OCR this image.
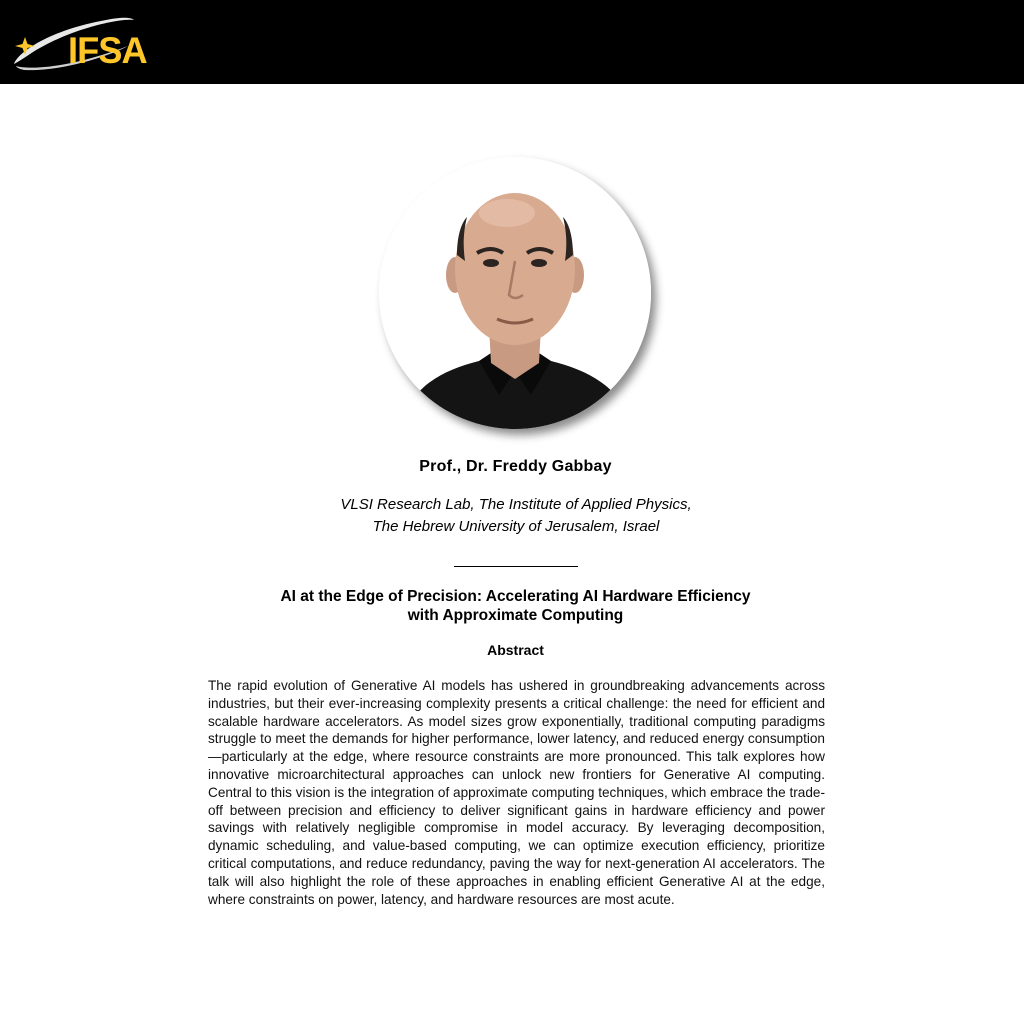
IFSA
Prof., Dr. Freddy Gabbay
VLSI Research Lab, The Institute of Applied Physics,
The Hebrew University of Jerusalem, Israel
AI at the Edge of Precision: Accelerating AI Hardware Efficiency
with Approximate Computing
Abstract
The rapid evolution of Generative AI models has ushered in groundbreaking advancements across industries, but their ever-increasing complexity presents a critical challenge: the need for efficient and scalable hardware accelerators. As model sizes grow exponentially, traditional computing paradigms struggle to meet the demands for higher performance, lower latency, and reduced energy consumption—particularly at the edge, where resource constraints are more pronounced. This talk explores how innovative microarchitectural approaches can unlock new frontiers for Generative AI computing. Central to this vision is the integration of approximate computing techniques, which embrace the trade-off between precision and efficiency to deliver significant gains in hardware efficiency and power savings with relatively negligible compromise in model accuracy. By leveraging decomposition, dynamic scheduling, and value-based computing, we can optimize execution efficiency, prioritize critical computations, and reduce redundancy, paving the way for next-generation AI accelerators. The talk will also highlight the role of these approaches in enabling efficient Generative AI at the edge, where constraints on power, latency, and hardware resources are most acute.
